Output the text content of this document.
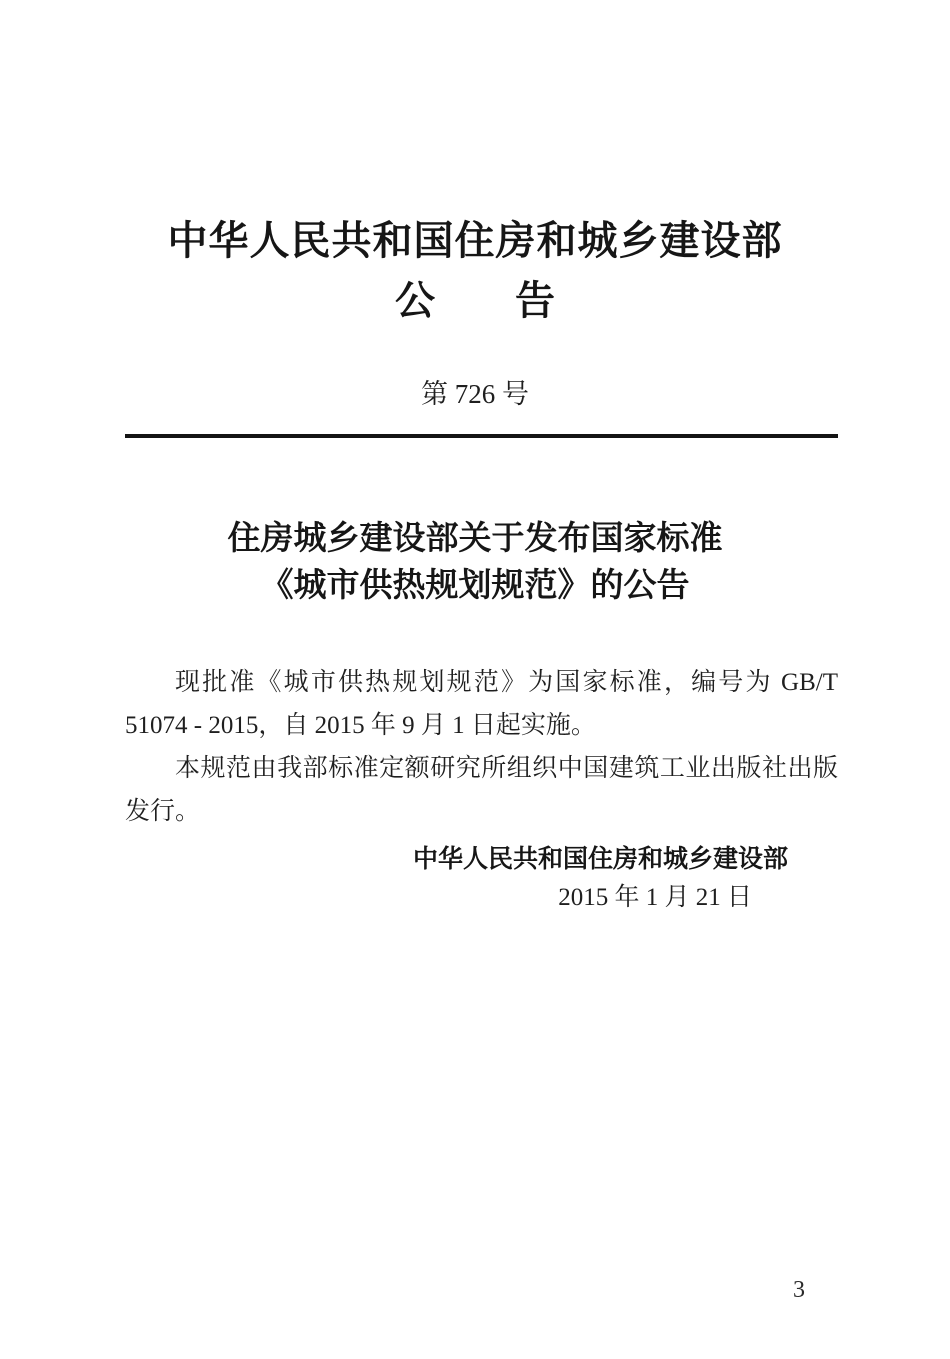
中华人民共和国住房和城乡建设部
公　　告
第 726 号
住房城乡建设部关于发布国家标准
《城市供热规划规范》的公告

现批准《城市供热规划规范》为国家标准，编号为 GB/T 51074 - 2015，自 2015 年 9 月 1 日起实施。

本规范由我部标准定额研究所组织中国建筑工业出版社出版发行。

中华人民共和国住房和城乡建设部
2015 年 1 月 21 日
3
